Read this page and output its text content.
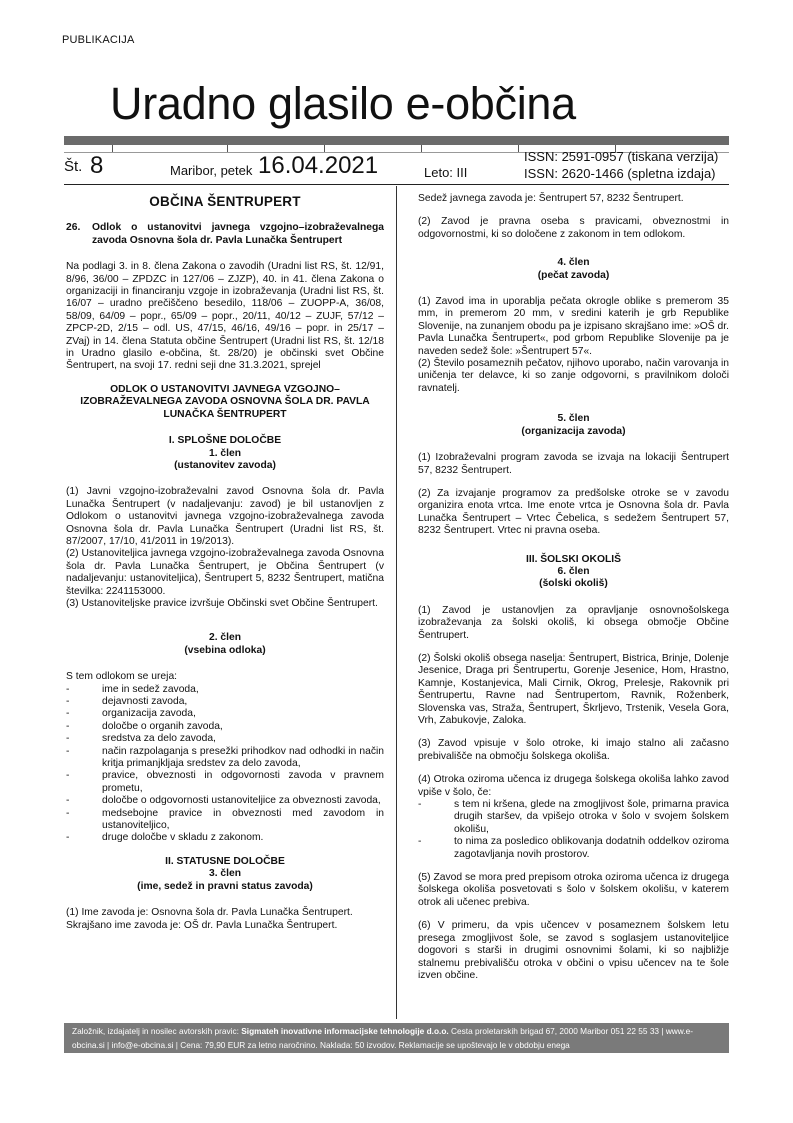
PUBLIKACIJA
Uradno glasilo e-občina
Št. 8	Maribor, petek 16.04.2021	Leto: III
ISSN: 2591-0957 (tiskana verzija)
ISSN: 2620-1466 (spletna izdaja)
OBČINA ŠENTRUPERT
26.	Odlok o ustanovitvi javnega vzgojno–izobraževalnega zavoda Osnovna šola dr. Pavla Lunačka Šentrupert

Na podlagi 3. in 8. člena Zakona o zavodih (Uradni list RS, št. 12/91, 8/96, 36/00 – ZPDZC in 127/06 – ZJZP), 40. in 41. člena Zakona o organizaciji in financiranju vzgoje in izobraževanja (Uradni list RS, št. 16/07 – uradno prečiščeno besedilo, 118/06 – ZUOPP-A, 36/08, 58/09, 64/09 – popr., 65/09 – popr., 20/11, 40/12 – ZUJF, 57/12 – ZPCP-2D, 2/15 – odl. US, 47/15, 46/16, 49/16 – popr. in 25/17 – ZVaj) in 14. člena Statuta občine Šentrupert (Uradni list RS, št. 12/18 in Uradno glasilo e-občina, št. 28/20) je občinski svet Občine Šentrupert, na svoji 17. redni seji dne 31.3.2021, sprejel

ODLOK O USTANOVITVI JAVNEGA VZGOJNO–IZOBRAŽEVALNEGA ZAVODA OSNOVNA ŠOLA DR. PAVLA LUNAČKA ŠENTRUPERT

I. SPLOŠNE DOLOČBE
1. člen

(ustanovitev zavoda)

(1) Javni vzgojno-izobraževalni zavod Osnovna šola dr. Pavla Lunačka Šentrupert (v nadaljevanju: zavod) je bil ustanovljen z Odlokom o ustanovitvi javnega vzgojno-izobraževalnega zavoda Osnovna šola dr. Pavla Lunačka Šentrupert (Uradni list RS, št. 87/2007, 17/10, 41/2011 in 19/2013).
(2) Ustanoviteljica javnega vzgojno-izobraževalnega zavoda Osnovna šola dr. Pavla Lunačka Šentrupert, je Občina Šentrupert (v nadaljevanju: ustanoviteljica), Šentrupert 5, 8232 Šentrupert, matična številka: 2241153000.

(3) Ustanoviteljske pravice izvršuje Občinski svet Občine Šentrupert.

2. člen

(vsebina odloka)

S tem odlokom se ureja:
- ime in sedež zavoda,
- dejavnosti zavoda,
- organizacija zavoda,
- določbe o organih zavoda,
- sredstva za delo zavoda,
- način razpolaganja s presežki prihodkov nad odhodki in način kritja primanjkljaja sredstev za delo zavoda,
- pravice, obveznosti in odgovornosti zavoda v pravnem prometu,
- določbe o odgovornosti ustanoviteljice za obveznosti zavoda,
- medsebojne pravice in obveznosti med zavodom in ustanoviteljico,
- druge določbe v skladu z zakonom.
II. STATUSNE DOLOČBE
3. člen

(ime, sedež in pravni status zavoda)

(1) Ime zavoda je: Osnovna šola dr. Pavla Lunačka Šentrupert.
Skrajšano ime zavoda je: OŠ dr. Pavla Lunačka Šentrupert.

Sedež javnega zavoda je: Šentrupert 57, 8232 Šentrupert.

(2) Zavod je pravna oseba s pravicami, obveznostmi in odgovornostmi, ki so določene z zakonom in tem odlokom.

4. člen

(pečat zavoda)

(1) Zavod ima in uporablja pečata okrogle oblike s premerom 35 mm, in premerom 20 mm, v sredini katerih je grb Republike Slovenije, na zunanjem obodu pa je izpisano skrajšano ime: »OŠ dr. Pavla Lunačka Šentrupert«, pod grbom Republike Slovenije pa je naveden sedež šole: »Šentrupert 57«.

(2) Število posameznih pečatov, njihovo uporabo, način varovanja in uničenja ter delavce, ki so zanje odgovorni, s pravilnikom določi ravnatelj.

5. člen

(organizacija zavoda)

(1) Izobraževalni program zavoda se izvaja na lokaciji Šentrupert 57, 8232 Šentrupert.

(2) Za izvajanje programov za predšolske otroke se v zavodu organizira enota vrtca. Ime enote vrtca je Osnovna šola dr. Pavla Lunačka Šentrupert – Vrtec Čebelica, s sedežem Šentrupert 57, 8232 Šentrupert. Vrtec ni pravna oseba.

III. ŠOLSKI OKOLIŠ
6. člen

(šolski okoliš)

(1) Zavod je ustanovljen za opravljanje osnovnošolskega izobraževanja za šolski okoliš, ki obsega območje Občine Šentrupert.

(2) Šolski okoliš obsega naselja: Šentrupert, Bistrica, Brinje, Dolenje Jesenice, Draga pri Šentrupertu, Gorenje Jesenice, Hom, Hrastno, Kamnje, Kostanjevica, Mali Cirnik, Okrog, Prelesje, Rakovnik pri Šentrupertu, Ravne nad Šentrupertom, Ravnik, Roženberk, Slovenska vas, Straža, Šentrupert, Škrljevo, Trstenik, Vesela Gora, Vrh, Zabukovje, Zaloka.

(3) Zavod vpisuje v šolo otroke, ki imajo stalno ali začasno prebivališče na območju šolskega okoliša.

(4) Otroka oziroma učenca iz drugega šolskega okoliša lahko zavod vpiše v šolo, če:
- s tem ni kršena, glede na zmogljivost šole, primarna pravica drugih staršev, da vpišejo otroka v šolo v svojem šolskem okolišu,
- to nima za posledico oblikovanja dodatnih oddelkov oziroma zagotavljanja novih prostorov.

(5) Zavod se mora pred prepisom otroka oziroma učenca iz drugega šolskega okoliša posvetovati s šolo v šolskem okolišu, v katerem otrok ali učenec prebiva.

(6) V primeru, da vpis učencev v posameznem šolskem letu presega zmogljivost šole, se zavod s soglasjem ustanoviteljice dogovori s starši in drugimi osnovnimi šolami, ki so najbližje stalnemu prebivališču otroka v občini o vpisu učencev na te šole izven občine.

Založnik, izdajatelj in nosilec avtorskih pravic: Sigmateh inovativne informacijske tehnologije d.o.o. Cesta proletarskih brigad 67, 2000 Maribor 051 22 55 33 | www.e-obcina.si | info@e-obcina.si | Cena: 79,90 EUR za letno naročnino. Naklada: 50 izvodov. Reklamacije se upoštevajo le v obdobju enega
